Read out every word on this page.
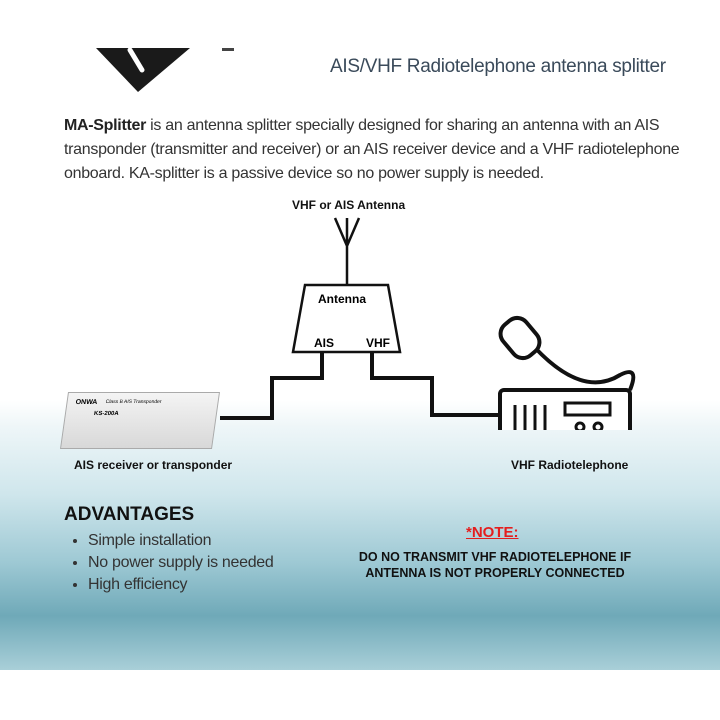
AIS/VHF Radiotelephone antenna splitter
MA-Splitter is an antenna splitter specially designed for sharing an antenna with an AIS transponder (transmitter and receiver) or an AIS receiver device and a VHF radiotelephone onboard. KA-splitter is a passive device so no power supply is needed.
VHF or AIS Antenna
Antenna
AIS	VHF
ONWA Class B AIS Transponder
KS-200A
AIS receiver or transponder	VHF Radiotelephone
ADVANTAGES
• Simple installation
• No power supply is needed
• High efficiency
*NOTE:
DO NO TRANSMIT VHF RADIOTELEPHONE IF ANTENNA IS NOT PROPERLY CONNECTED
